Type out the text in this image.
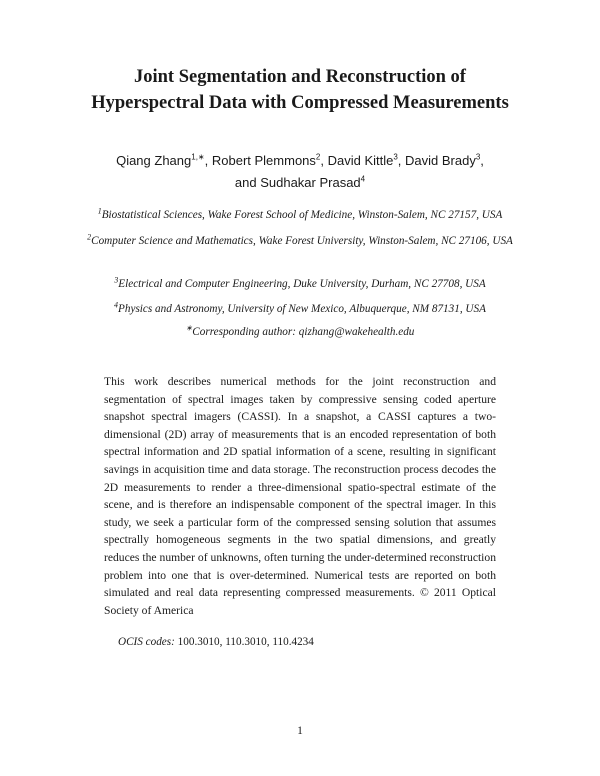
Joint Segmentation and Reconstruction of
Hyperspectral Data with Compressed Measurements
Qiang Zhang$^{1,∗}$, Robert Plemmons$^2$, David Kittle$^3$, David Brady$^3$,
and Sudhakar Prasad$^4$
$^1$Biostatistical Sciences, Wake Forest School of Medicine, Winston-Salem, NC 27157, USA
$^2$Computer Science and Mathematics, Wake Forest University, Winston-Salem, NC 27106, USA
$^3$Electrical and Computer Engineering, Duke University, Durham, NC 27708, USA
$^4$Physics and Astronomy, University of New Mexico, Albuquerque, NM 87131, USA
∗Corresponding author: qizhang@wakehealth.edu
This work describes numerical methods for the joint reconstruction and segmentation of spectral images taken by compressive sensing coded aperture snapshot spectral imagers (CASSI). In a snapshot, a CASSI captures a two-dimensional (2D) array of measurements that is an encoded representation of both spectral information and 2D spatial information of a scene, resulting in significant savings in acquisition time and data storage. The reconstruction process decodes the 2D measurements to render a three-dimensional spatio-spectral estimate of the scene, and is therefore an indispensable component of the spectral imager. In this study, we seek a particular form of the compressed sensing solution that assumes spectrally homogeneous segments in the two spatial dimensions, and greatly reduces the number of unknowns, often turning the under-determined reconstruction problem into one that is over-determined. Numerical tests are reported on both simulated and real data representing compressed measurements. © 2011 Optical Society of America
OCIS codes: 100.3010, 110.3010, 110.4234
1
